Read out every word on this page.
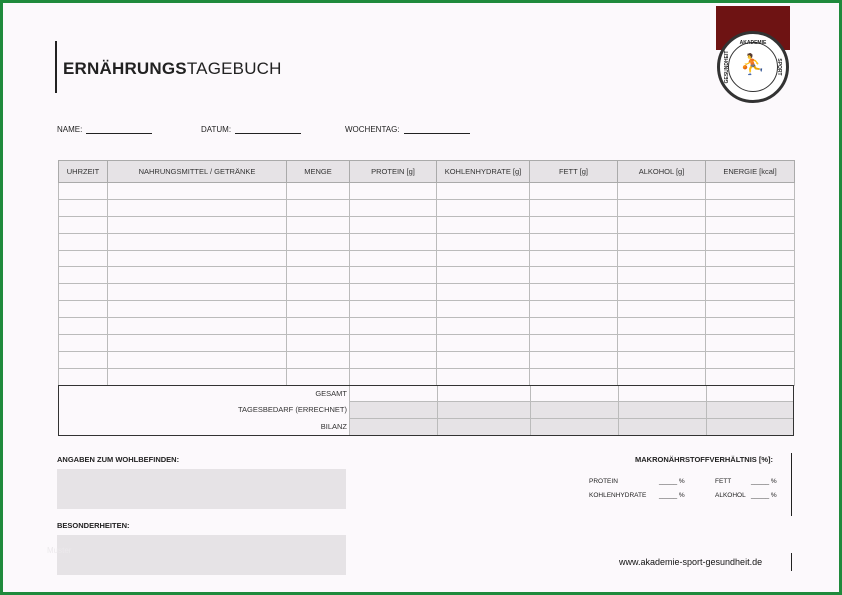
ERNÄHRUNGSTAGEBUCH
AKADEMIE
GESUNDHEIT	SPORT
⛹
NAME:	DATUM:	WOCHENTAG:
UHRZEIT	NAHRUNGSMITTEL / GETRÄNKE	MENGE	PROTEIN [g]	KOHLENHYDRATE [g]	FETT [g]	ALKOHOL [g]	ENERGIE [kcal]

GESAMT
TAGESBEDARF (ERRECHNET)
BILANZ
ANGABEN ZUM WOHLBEFINDEN:
BESONDERHEITEN:
Muster
MAKRONÄHRSTOFFVERHÄLTNIS [%]:
PROTEIN	_____ %
KOHLENHYDRATE _____ %
FETT	_____ %
ALKOHOL _____ %
www.akademie-sport-gesundheit.de
